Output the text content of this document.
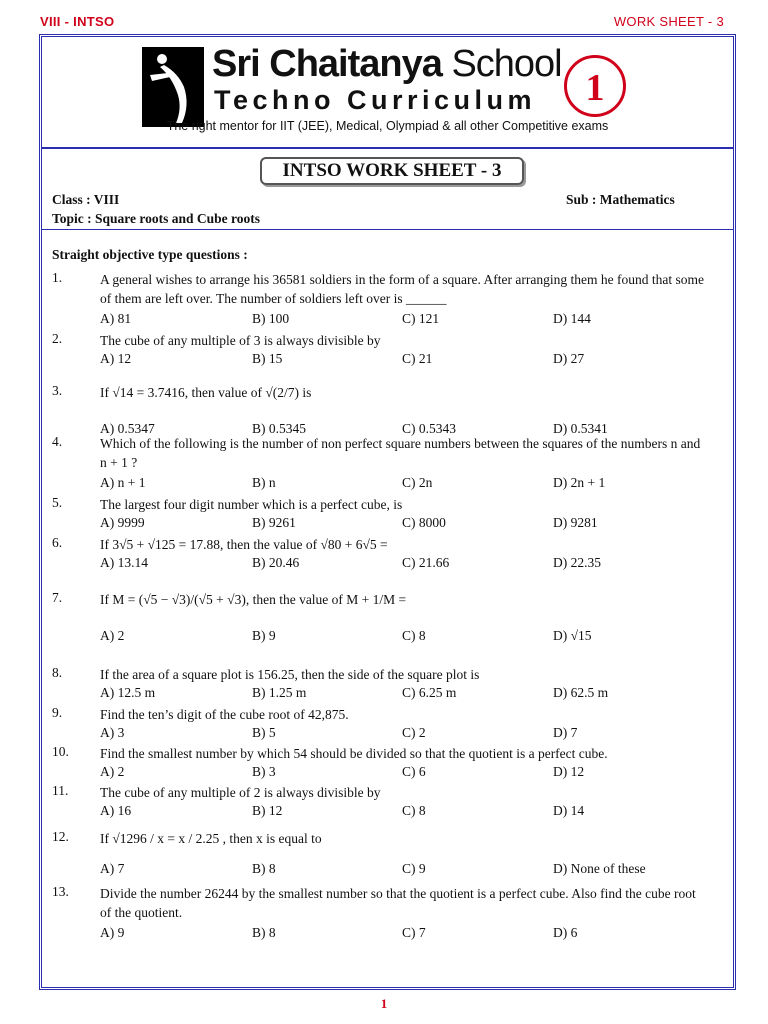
VIII - INTSO	WORK SHEET - 3
Sri Chaitanya School
Techno Curriculum	1
The right mentor for IIT (JEE), Medical, Olympiad & all other Competitive exams
INTSO WORK SHEET - 3
Class : VIII	Sub : Mathematics
Topic : Square roots and Cube roots
Straight objective type questions :
1.	A general wishes to arrange his 36581 soldiers in the form of a square. After arranging them he found that some of them are left over. The number of soldiers left over is ______
A) 81	B) 100	C) 121	D) 144
2.	The cube of any multiple of 3 is always divisible by
A) 12	B) 15	C) 21	D) 27
3.	If √14 = 3.7416, then value of √(2/7) is
A) 0.5347	B) 0.5345	C) 0.5343	D) 0.5341
4.	Which of the following is the number of non perfect square numbers between the squares of the numbers n and n + 1 ?
A) n + 1	B) n	C) 2n	D) 2n + 1
5.	The largest four digit number which is a perfect cube, is
A) 9999	B) 9261	C) 8000	D) 9281
6.	If 3√5 + √125 = 17.88, then the value of √80 + 6√5 =
A) 13.14	B) 20.46	C) 21.66	D) 22.35
7.	If M = (√5 − √3)/(√5 + √3), then the value of M + 1/M =
A) 2	B) 9	C) 8	D) √15
8.	If the area of a square plot is 156.25, then the side of the square plot is
A) 12.5 m	B) 1.25 m	C) 6.25 m	D) 62.5 m
9.	Find the ten’s digit of the cube root of 42,875.
A) 3	B) 5	C) 2	D) 7
10. Find the smallest number by which 54 should be divided so that the quotient is a perfect cube.
A) 2	B) 3	C) 6	D) 12
11. The cube of any multiple of 2 is always divisible by
A) 16	B) 12	C) 8	D) 14
12. If √1296 / x = x / 2.25 , then x is equal to
A) 7	B) 8	C) 9	D) None of these
13. Divide the number 26244 by the smallest number so that the quotient is a perfect cube. Also find the cube root of the quotient.
A) 9	B) 8	C) 7	D) 6
1
